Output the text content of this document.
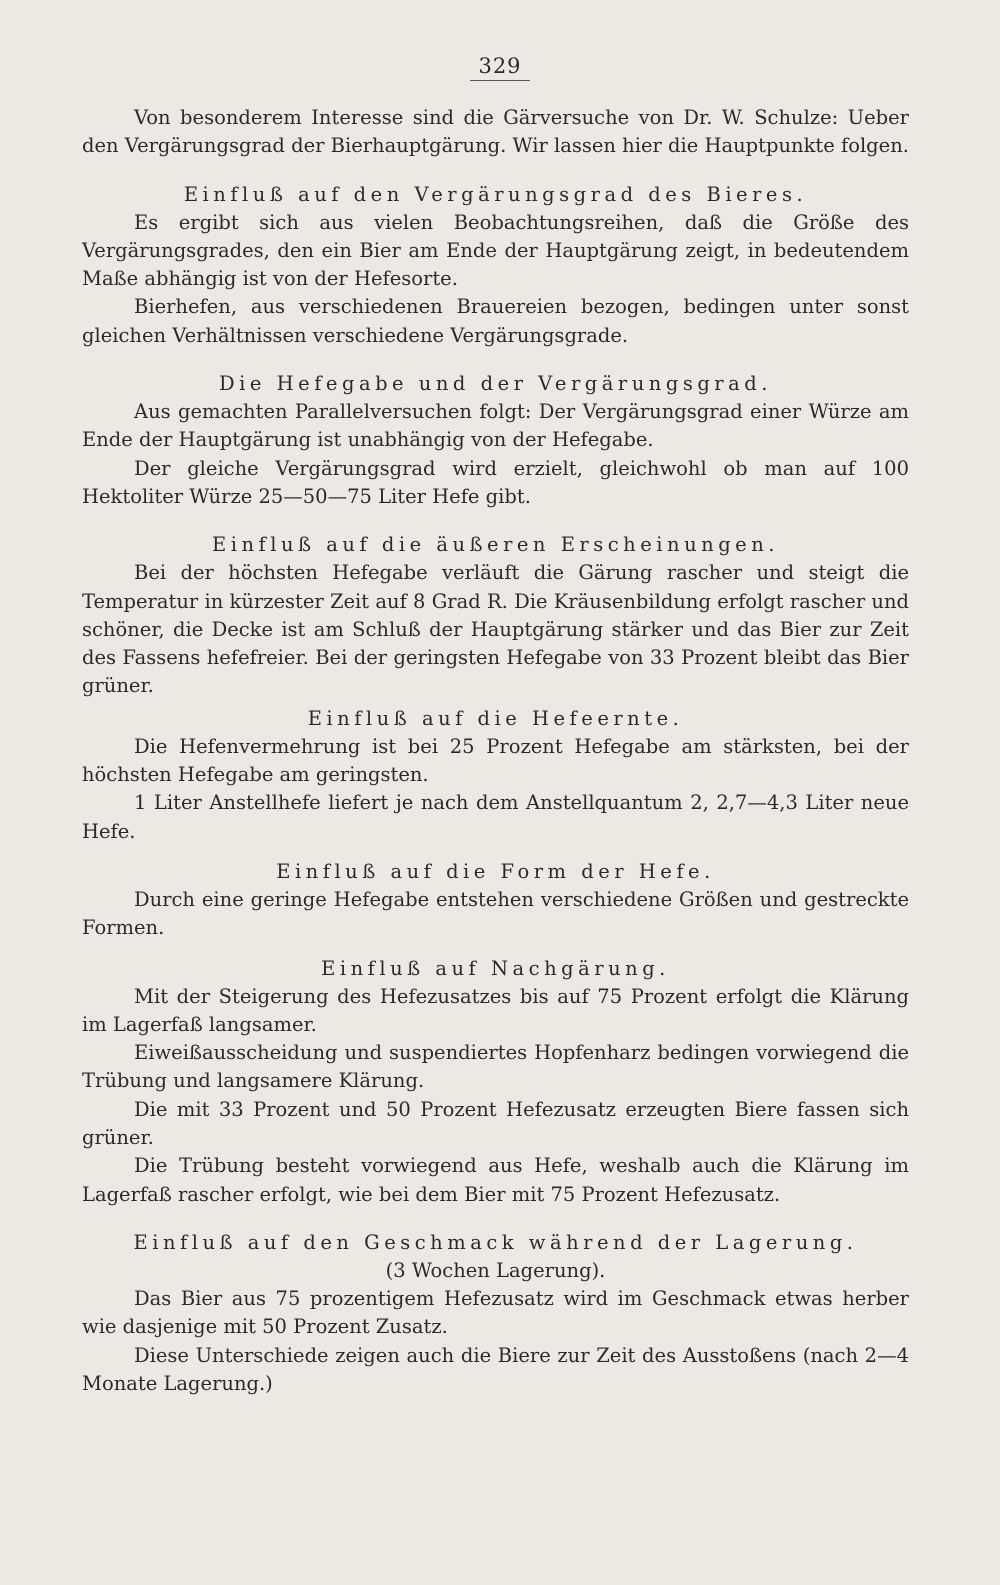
329

Von besonderem Interesse sind die Gärversuche von Dr. W. Schulze: Ueber den Vergärungsgrad der Bierhauptgärung. Wir lassen hier die Hauptpunkte folgen.

Einfluß auf den Vergärungsgrad des Bieres.

Es ergibt sich aus vielen Beobachtungsreihen, daß die Größe des Vergärungsgrades, den ein Bier am Ende der Hauptgärung zeigt, in bedeutendem Maße abhängig ist von der Hefesorte.

Bierhefen, aus verschiedenen Brauereien bezogen, bedingen unter sonst gleichen Verhältnissen verschiedene Vergärungsgrade.

Die Hefegabe und der Vergärungsgrad.

Aus gemachten Parallelversuchen folgt: Der Vergärungsgrad einer Würze am Ende der Hauptgärung ist unabhängig von der Hefegabe.

Der gleiche Vergärungsgrad wird erzielt, gleichwohl ob man auf 100 Hektoliter Würze 25—50—75 Liter Hefe gibt.

Einfluß auf die äußeren Erscheinungen.

Bei der höchsten Hefegabe verläuft die Gärung rascher und steigt die Temperatur in kürzester Zeit auf 8 Grad R. Die Kräusenbildung erfolgt rascher und schöner, die Decke ist am Schluß der Hauptgärung stärker und das Bier zur Zeit des Fassens hefefreier. Bei der geringsten Hefegabe von 33 Prozent bleibt das Bier grüner.

Einfluß auf die Hefeernte.

Die Hefenvermehrung ist bei 25 Prozent Hefegabe am stärksten, bei der höchsten Hefegabe am geringsten.

1 Liter Anstellhefe liefert je nach dem Anstellquantum 2, 2,7—4,3 Liter neue Hefe.

Einfluß auf die Form der Hefe.

Durch eine geringe Hefegabe entstehen verschiedene Größen und gestreckte Formen.

Einfluß auf Nachgärung.

Mit der Steigerung des Hefezusatzes bis auf 75 Prozent erfolgt die Klärung im Lagerfaß langsamer.

Eiweißausscheidung und suspendiertes Hopfenharz bedingen vorwiegend die Trübung und langsamere Klärung.

Die mit 33 Prozent und 50 Prozent Hefezusatz erzeugten Biere fassen sich grüner.

Die Trübung besteht vorwiegend aus Hefe, weshalb auch die Klärung im Lagerfaß rascher erfolgt, wie bei dem Bier mit 75 Prozent Hefezusatz.

Einfluß auf den Geschmack während der Lagerung.
(3 Wochen Lagerung).

Das Bier aus 75 prozentigem Hefezusatz wird im Geschmack etwas herber wie dasjenige mit 50 Prozent Zusatz.

Diese Unterschiede zeigen auch die Biere zur Zeit des Ausstoßens (nach 2—4 Monate Lagerung.)
